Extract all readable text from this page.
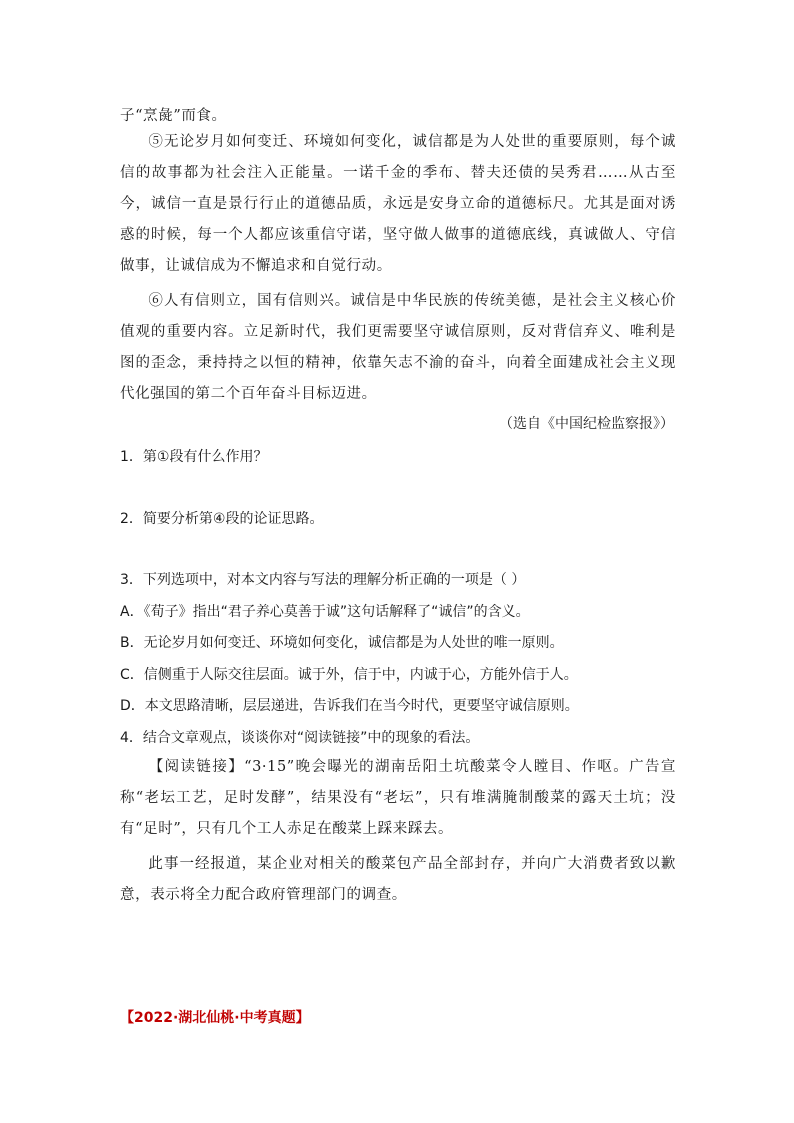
子“烹彘”而食。
⑤无论岁月如何变迁、环境如何变化，诚信都是为人处世的重要原则，每个诚信的故事都为社会注入正能量。一诺千金的季布、替夫还债的吴秀君……从古至今，诚信一直是景行行止的道德品质，永远是安身立命的道德标尺。尤其是面对诱惑的时候，每一个人都应该重信守诺，坚守做人做事的道德底线，真诚做人、守信做事，让诚信成为不懈追求和自觉行动。
⑥人有信则立，国有信则兴。诚信是中华民族的传统美德，是社会主义核心价值观的重要内容。立足新时代，我们更需要坚守诚信原则，反对背信弃义、唯利是图的歪念，秉持持之以恒的精神，依靠矢志不渝的奋斗，向着全面建成社会主义现代化强国的第二个百年奋斗目标迈进。
（选自《中国纪检监察报》）
1．第①段有什么作用？
2．简要分析第④段的论证思路。
3．下列选项中，对本文内容与写法的理解分析正确的一项是（ ）
A．《荀子》指出“君子养心莫善于诚”这句话解释了“诚信”的含义。
B．无论岁月如何变迁、环境如何变化，诚信都是为人处世的唯一原则。
C．信侧重于人际交往层面。诚于外，信于中，内诚于心，方能外信于人。
D．本文思路清晰，层层递进，告诉我们在当今时代，更要坚守诚信原则。
4．结合文章观点，谈谈你对“阅读链接”中的现象的看法。
【阅读链接】“3·15”晚会曝光的湖南岳阳土坑酸菜令人瞠目、作呕。广告宣称“老坛工艺，足时发酵”，结果没有“老坛”，只有堆满腌制酸菜的露天土坑；没有“足时”，只有几个工人赤足在酸菜上踩来踩去。
此事一经报道，某企业对相关的酸菜包产品全部封存，并向广大消费者致以歉意，表示将全力配合政府管理部门的调查。
【2022·湖北仙桃·中考真题】
